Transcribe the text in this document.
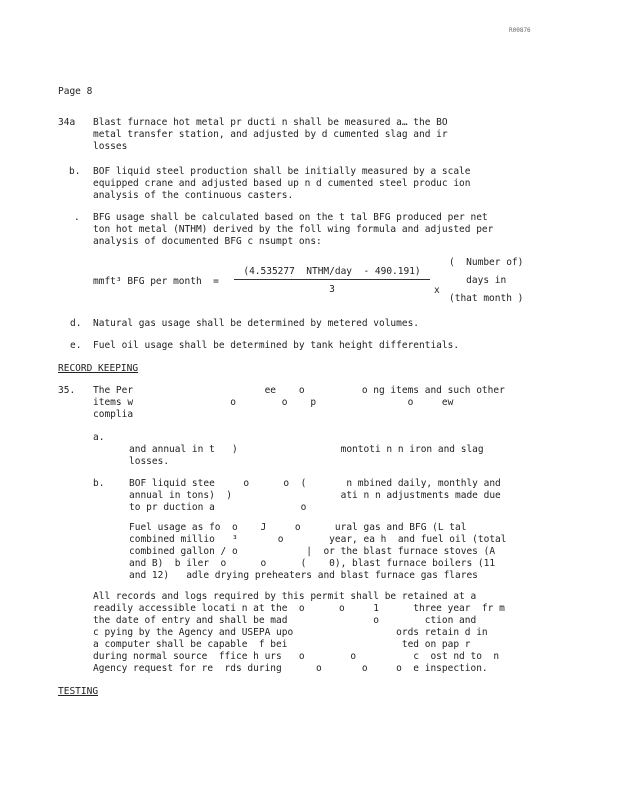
R00876
Page 8
34a Blast furnace hot metal pr ducti n shall be measured a… the BO
metal transfer station, and adjusted by d cumented slag and ir
losses
b. BOF liquid steel production shall be initially measured by a scale
equipped crane and adjusted based up n d cumented steel produc ion
analysis of the continuous casters.
. BFG usage shall be calculated based on the t tal BFG produced per net
ton hot metal (NTHM) derived by the foll wing formula and adjusted per
analysis of documented BFG c nsumpt ons:
mmft³ BFG per month  =
(4.535277  NTHM/day  - 490.191)
3	x
(  Number of)
days in
(that month )
d. Natural gas usage shall be determined by metered volumes.
e. Fuel oil usage shall be determined by tank height differentials.
RECORD KEEPING
35. The Per                       ee    o          o ng items and such other
items w                 o        o    p                o     ew
complia
a.
and annual in t   )                  montoti n n iron and slag
losses.
b.	BOF liquid stee     o      o  (       n mbined daily, monthly and
annual in tons)  )                   ati n n adjustments made due
to pr duction a               o
Fuel usage as fo  o    J     o      ural gas and BFG (L tal
combined millio   ³       o        year, ea h  and fuel oil (total
combined gallon / o            |  or the blast furnace stoves (A
and B)  b iler  o      o      (    0), blast furnace boilers (11
and 12)   adle drying preheaters and blast furnace gas flares
All records and logs required by this permit shall be retained at a
readily accessible locati n at the  o      o     1      three year  fr m
the date of entry and shall be mad               o        ction and
c pying by the Agency and USEPA upo                  ords retain d in
a computer shall be capable  f bei                    ted on pap r
during normal source  ffice h urs   o        o          c  ost nd to  n
Agency request for re  rds during      o       o     o  e inspection.
TESTING
